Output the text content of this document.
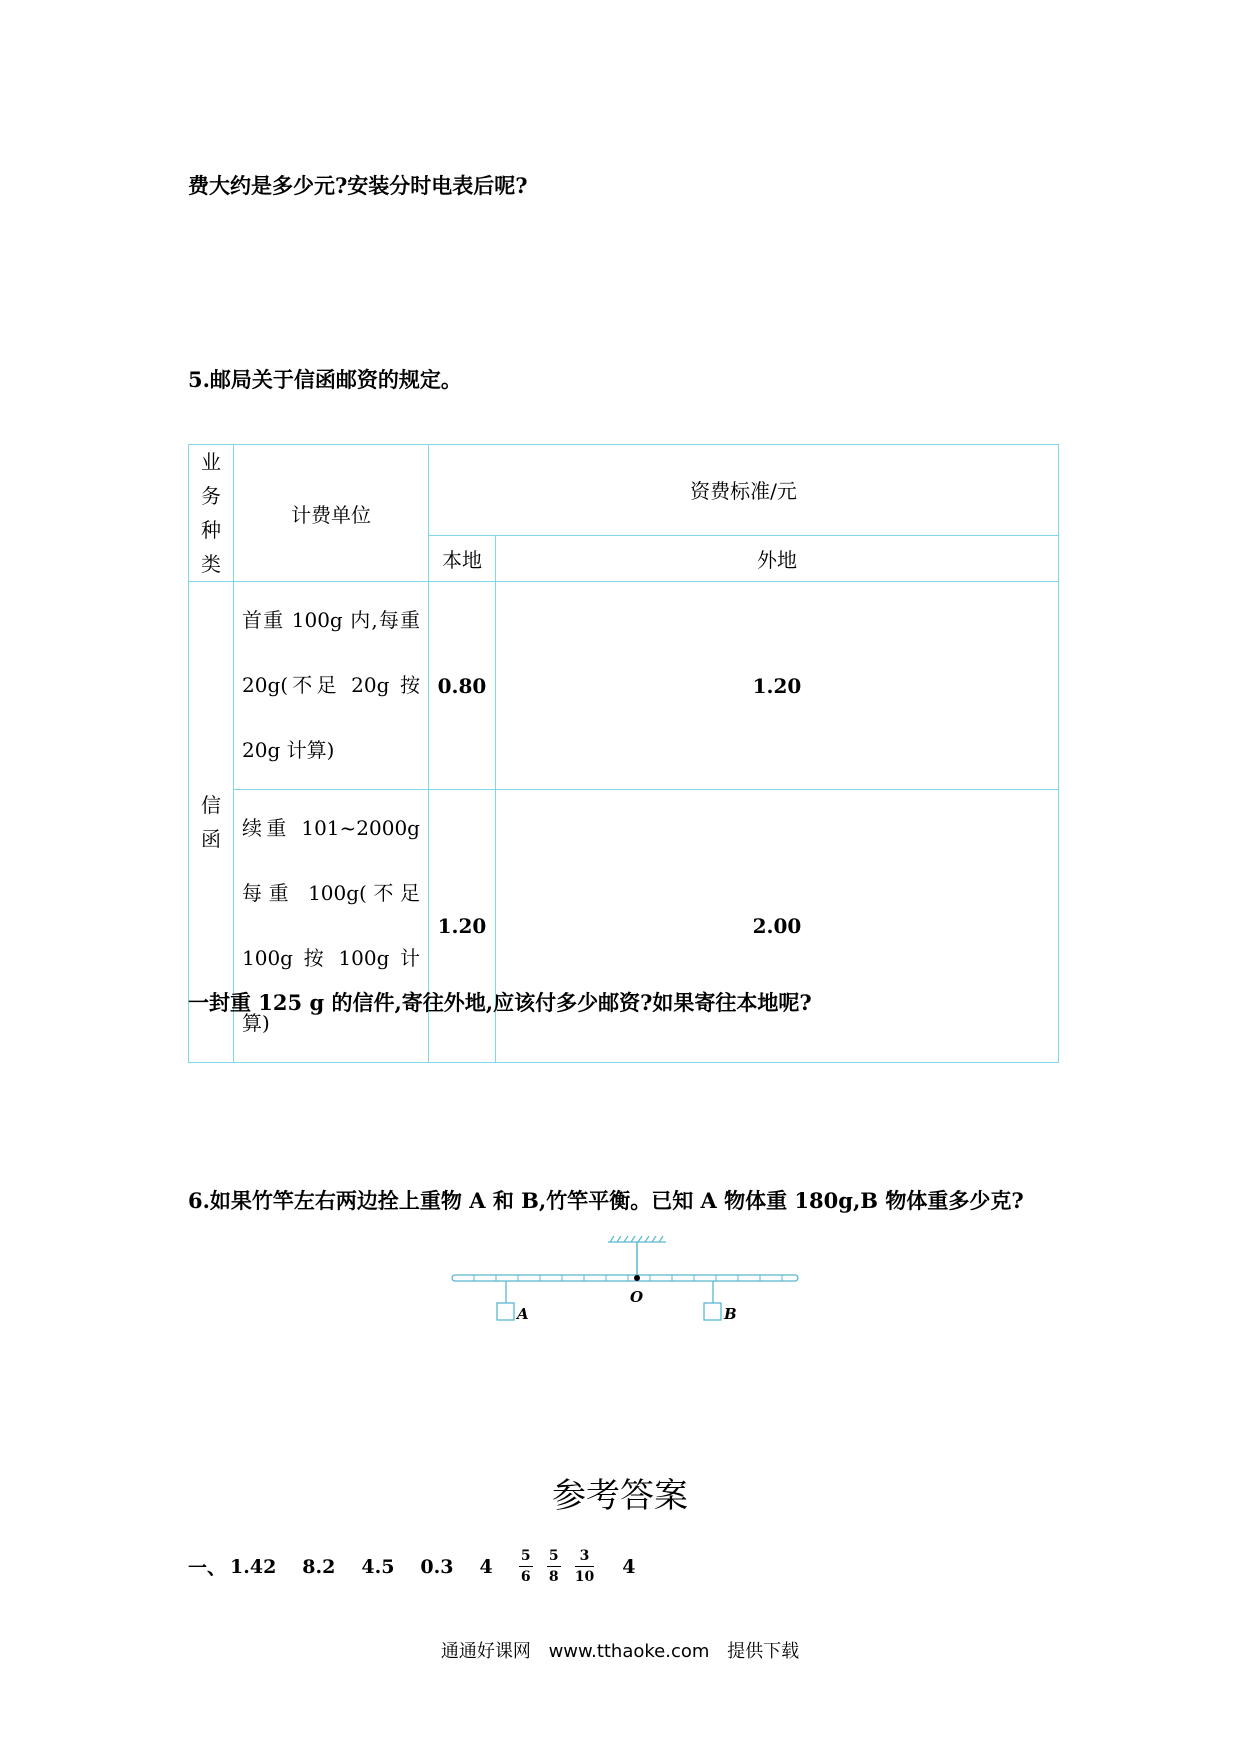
费大约是多少元?安装分时电表后呢?
5.邮局关于信函邮资的规定。
业务种类	计费单位	资费标准/元	
		本地	外地
信函	首重 100g 内,每重20g(不足 20g 按20g 计算)	0.80	1.20
	续重 101~2000g每重 100g(不足100g 按 100g 计算)	1.20	2.00
一封重 125 g 的信件,寄往外地,应该付多少邮资?如果寄往本地呢?
6.如果竹竿左右两边拴上重物 A 和 B,竹竿平衡。已知 A 物体重 180g,B 物体重多少克?
A	B
O
参考答案
一、 1.42 8.2 4.5 0.3 $4 \frac{5}{6} \frac{5}{8} \frac{3}{10} 4$
通通好课网 www.tthaoke.com 提供下载
